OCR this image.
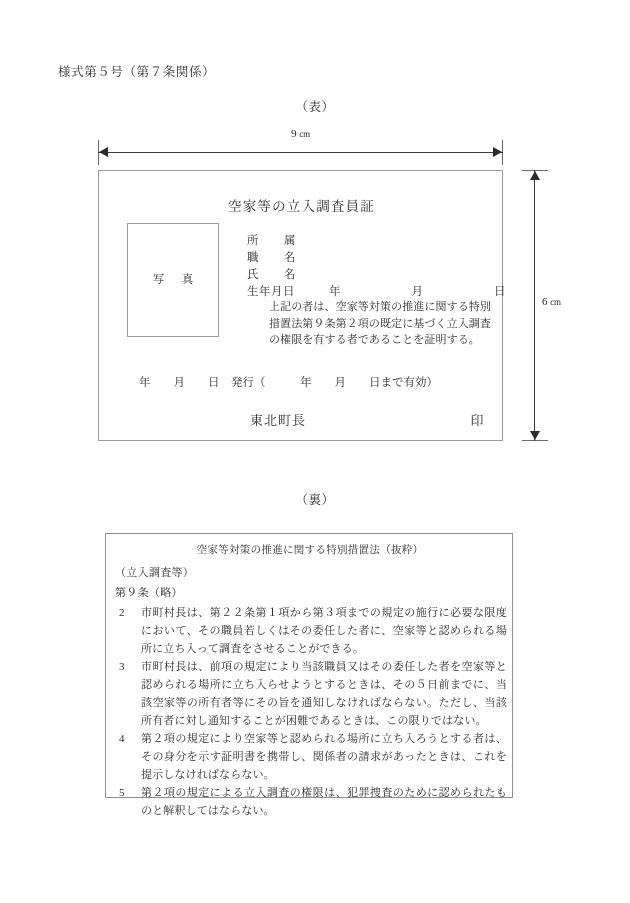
様式第５号（第７条関係）
（表）
9 cm
6 cm
空家等の立入調査員証
写　真
所　属
職　名
氏　名
生年月日	年　　月　　日
上記の者は、空家等対策の推進に関する特別措置法第９条第２項の既定に基づく立入調査の権限を有する者であることを証明する。
年　　月　　日　発行（　　　年　　月　　日まで有効）
東北町長	印
（裏）
空家等対策の推進に関する特別措置法（抜粋）
（立入調査等）
第９条（略）
2 市町村長は、第２２条第１項から第３項までの規定の施行に必要な限度において、その職員若しくはその委任した者に、空家等と認められる場所に立ち入って調査をさせることができる。
3 市町村長は、前項の規定により当該職員又はその委任した者を空家等と認められる場所に立ち入らせようとするときは、その５日前までに、当該空家等の所有者等にその旨を通知しなければならない。ただし、当該所有者に対し通知することが困難であるときは、この限りではない。
4 第２項の規定により空家等と認められる場所に立ち入ろうとする者は、その身分を示す証明書を携帯し、関係者の請求があったときは、これを提示しなければならない。
5 第２項の規定による立入調査の権限は、犯罪捜査のために認められたものと解釈してはならない。
